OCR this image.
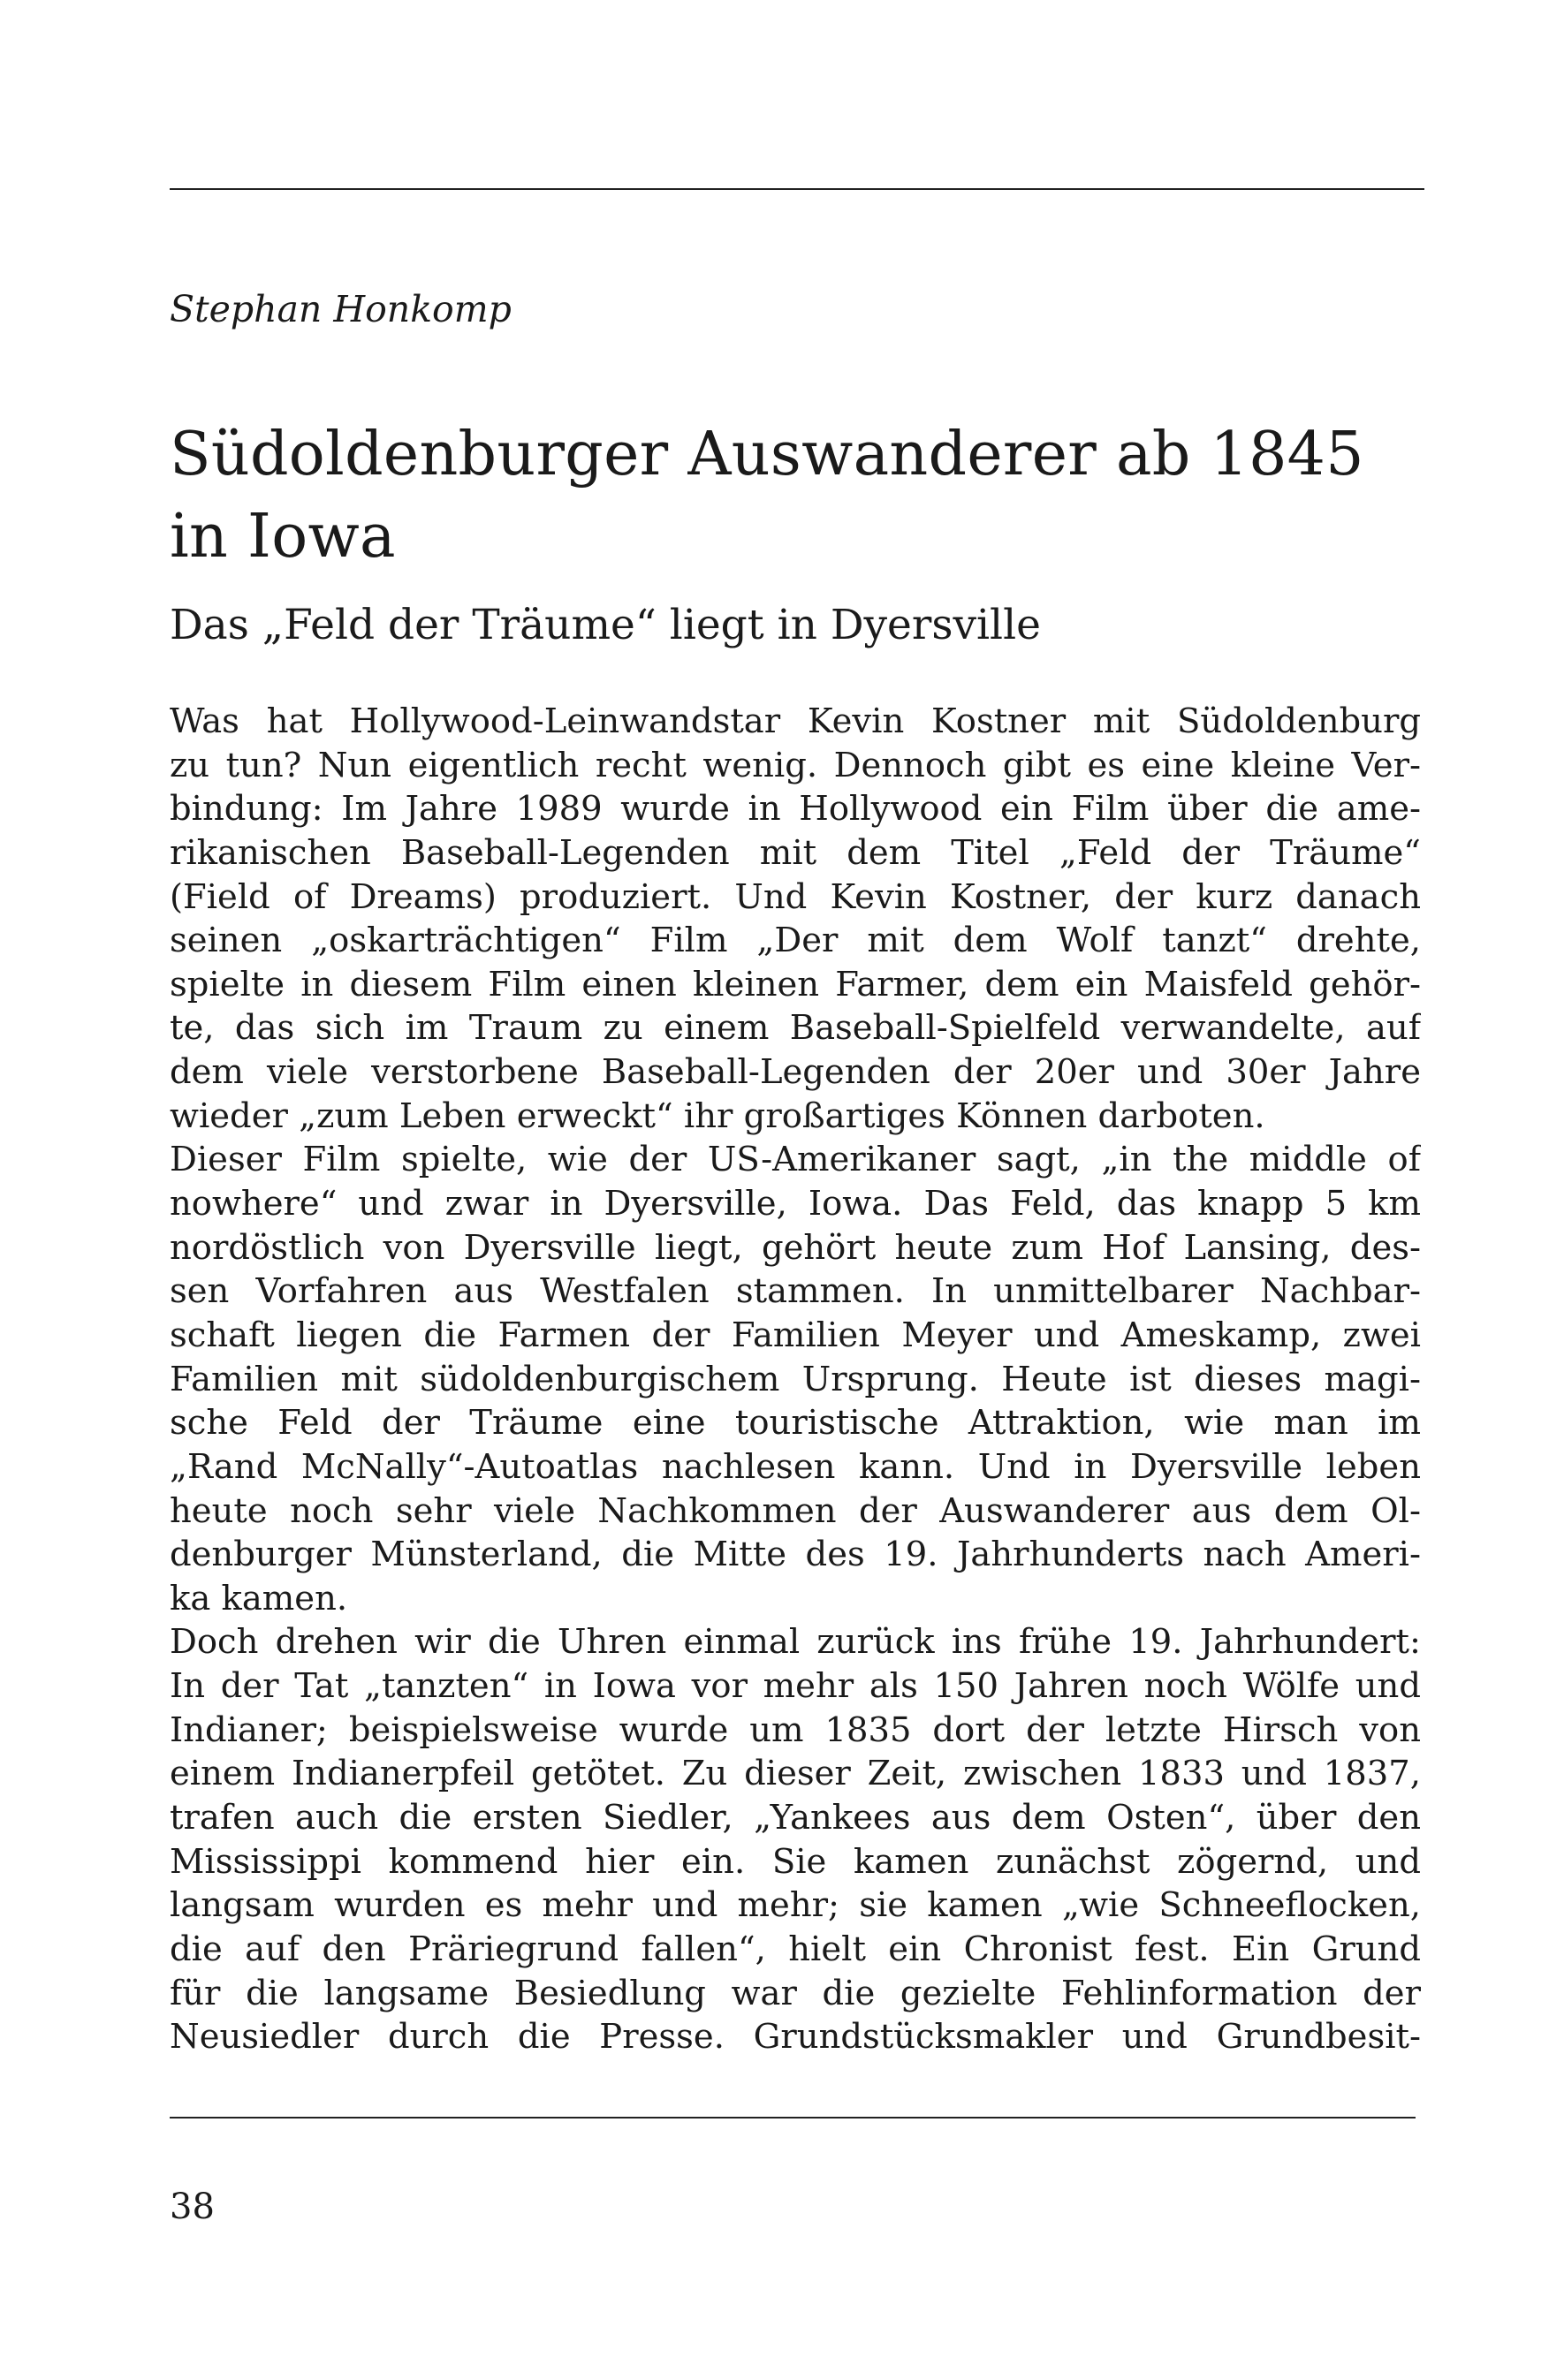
Stephan Honkomp
Südoldenburger Auswanderer ab 1845 in Iowa
Das „Feld der Träume“ liegt in Dyersville
Was hat Hollywood-Leinwandstar Kevin Kostner mit Südoldenburg
zu tun? Nun eigentlich recht wenig. Dennoch gibt es eine kleine Ver-
bindung: Im Jahre 1989 wurde in Hollywood ein Film über die ame-
rikanischen Baseball-Legenden mit dem Titel „Feld der Träume“
(Field of Dreams) produziert. Und Kevin Kostner, der kurz danach
seinen „oskarträchtigen“ Film „Der mit dem Wolf tanzt“ drehte,
spielte in diesem Film einen kleinen Farmer, dem ein Maisfeld gehör-
te, das sich im Traum zu einem Baseball-Spielfeld verwandelte, auf
dem viele verstorbene Baseball-Legenden der 20er und 30er Jahre
wieder „zum Leben erweckt“ ihr großartiges Können darboten.
Dieser Film spielte, wie der US-Amerikaner sagt, „in the middle of
nowhere“ und zwar in Dyersville, Iowa. Das Feld, das knapp 5 km
nordöstlich von Dyersville liegt, gehört heute zum Hof Lansing, des-
sen Vorfahren aus Westfalen stammen. In unmittelbarer Nachbar-
schaft liegen die Farmen der Familien Meyer und Ameskamp, zwei
Familien mit südoldenburgischem Ursprung. Heute ist dieses magi-
sche Feld der Träume eine touristische Attraktion, wie man im
„Rand McNally“-Autoatlas nachlesen kann. Und in Dyersville leben
heute noch sehr viele Nachkommen der Auswanderer aus dem Ol-
denburger Münsterland, die Mitte des 19. Jahrhunderts nach Ameri-
ka kamen.
Doch drehen wir die Uhren einmal zurück ins frühe 19. Jahrhundert:
In der Tat „tanzten“ in Iowa vor mehr als 150 Jahren noch Wölfe und
Indianer; beispielsweise wurde um 1835 dort der letzte Hirsch von
einem Indianerpfeil getötet. Zu dieser Zeit, zwischen 1833 und 1837,
trafen auch die ersten Siedler, „Yankees aus dem Osten“, über den
Mississippi kommend hier ein. Sie kamen zunächst zögernd, und
langsam wurden es mehr und mehr; sie kamen „wie Schneeflocken,
die auf den Präriegrund fallen“, hielt ein Chronist fest. Ein Grund
für die langsame Besiedlung war die gezielte Fehlinformation der
Neusiedler durch die Presse. Grundstücksmakler und Grundbesit-
38
